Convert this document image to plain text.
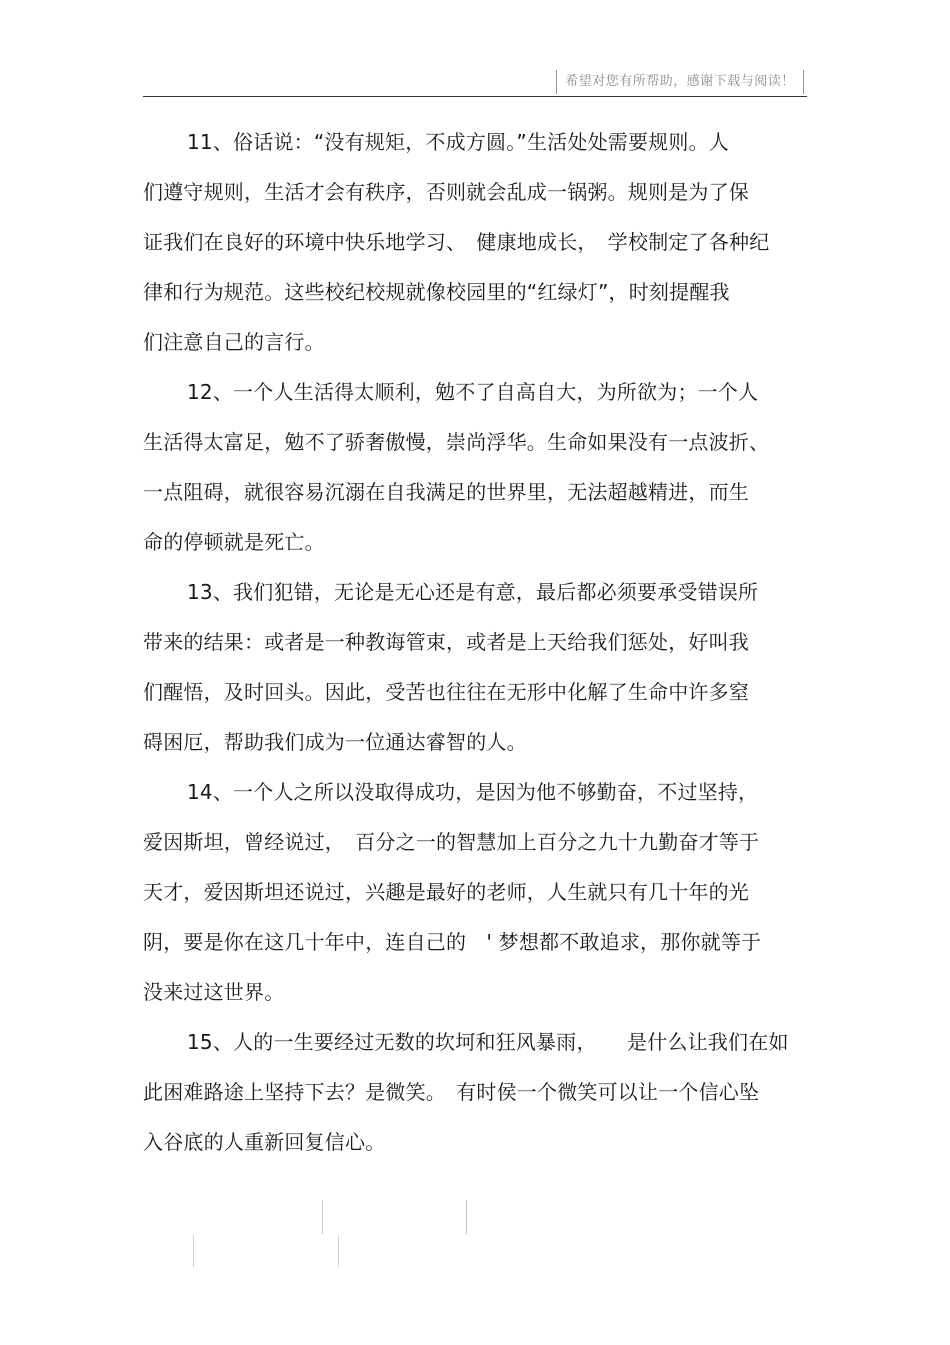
希望对您有所帮助，感谢下载与阅读！
11、俗话说：“没有规矩，不成方圆。”生活处处需要规则。人
们遵守规则，生活才会有秩序，否则就会乱成一锅粥。规则是为了保
证我们在良好的环境中快乐地学习、　健康地成长，　学校制定了各种纪
律和行为规范。这些校纪校规就像校园里的“红绿灯”，时刻提醒我
们注意自己的言行。
12、一个人生活得太顺利，勉不了自高自大，为所欲为；一个人
生活得太富足，勉不了骄奢傲慢，崇尚浮华。生命如果没有一点波折、
一点阻碍，就很容易沉溺在自我满足的世界里，无法超越精进，而生
命的停顿就是死亡。
13、我们犯错，无论是无心还是有意，最后都必须要承受错误所
带来的结果：或者是一种教诲管束，或者是上天给我们惩处，好叫我
们醒悟，及时回头。因此，受苦也往往在无形中化解了生命中许多窒
碍困厄，帮助我们成为一位通达睿智的人。
14、一个人之所以没取得成功，是因为他不够勤奋，不过坚持，
爱因斯坦，曾经说过，　百分之一的智慧加上百分之九十九勤奋才等于
天才，爱因斯坦还说过，兴趣是最好的老师，人生就只有几十年的光
阴，要是你在这几十年中，连自己的　' 梦想都不敢追求，那你就等于
没来过这世界。
15、人的一生要经过无数的坎坷和狂风暴雨，　　是什么让我们在如
此困难路途上坚持下去？是微笑。　有时侯一个微笑可以让一个信心坠
入谷底的人重新回复信心。
